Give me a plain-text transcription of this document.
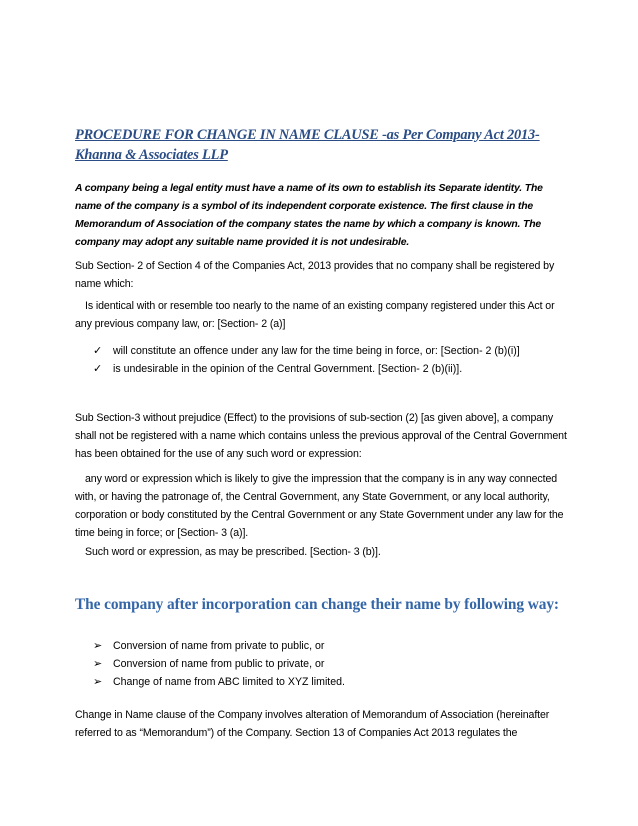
PROCEDURE FOR CHANGE IN NAME CLAUSE -as Per Company Act 2013- Khanna & Associates LLP
A company being a legal entity must have a name of its own to establish its Separate identity. The name of the company is a symbol of its independent corporate existence. The first clause in the Memorandum of Association of the company states the name by which a company is known. The company may adopt any suitable name provided it is not undesirable.
Sub Section- 2 of Section 4 of the Companies Act, 2013 provides that no company shall be registered by name which:
Is identical with or resemble too nearly to the name of an existing company registered under this Act or any previous company law, or: [Section- 2 (a)]
✓	will constitute an offence under any law for the time being in force, or: [Section- 2 (b)(i)]
✓	is undesirable in the opinion of the Central Government. [Section- 2 (b)(ii)].
Sub Section-3 without prejudice (Effect) to the provisions of sub-section (2) [as given above], a company shall not be registered with a name which contains unless the previous approval of the Central Government has been obtained for the use of any such word or expression:
any word or expression which is likely to give the impression that the company is in any way connected with, or having the patronage of, the Central Government, any State Government, or any local authority, corporation or body constituted by the Central Government or any State Government under any law for the time being in force; or [Section- 3 (a)].
Such word or expression, as may be prescribed. [Section- 3 (b)].
The company after incorporation can change their name by following way:
➢	Conversion of name from private to public, or
➢	Conversion of name from public to private, or
➢	Change of name from ABC limited to XYZ limited.
Change in Name clause of the Company involves alteration of Memorandum of Association (hereinafter referred to as “Memorandum”) of the Company. Section 13 of Companies Act 2013 regulates the
